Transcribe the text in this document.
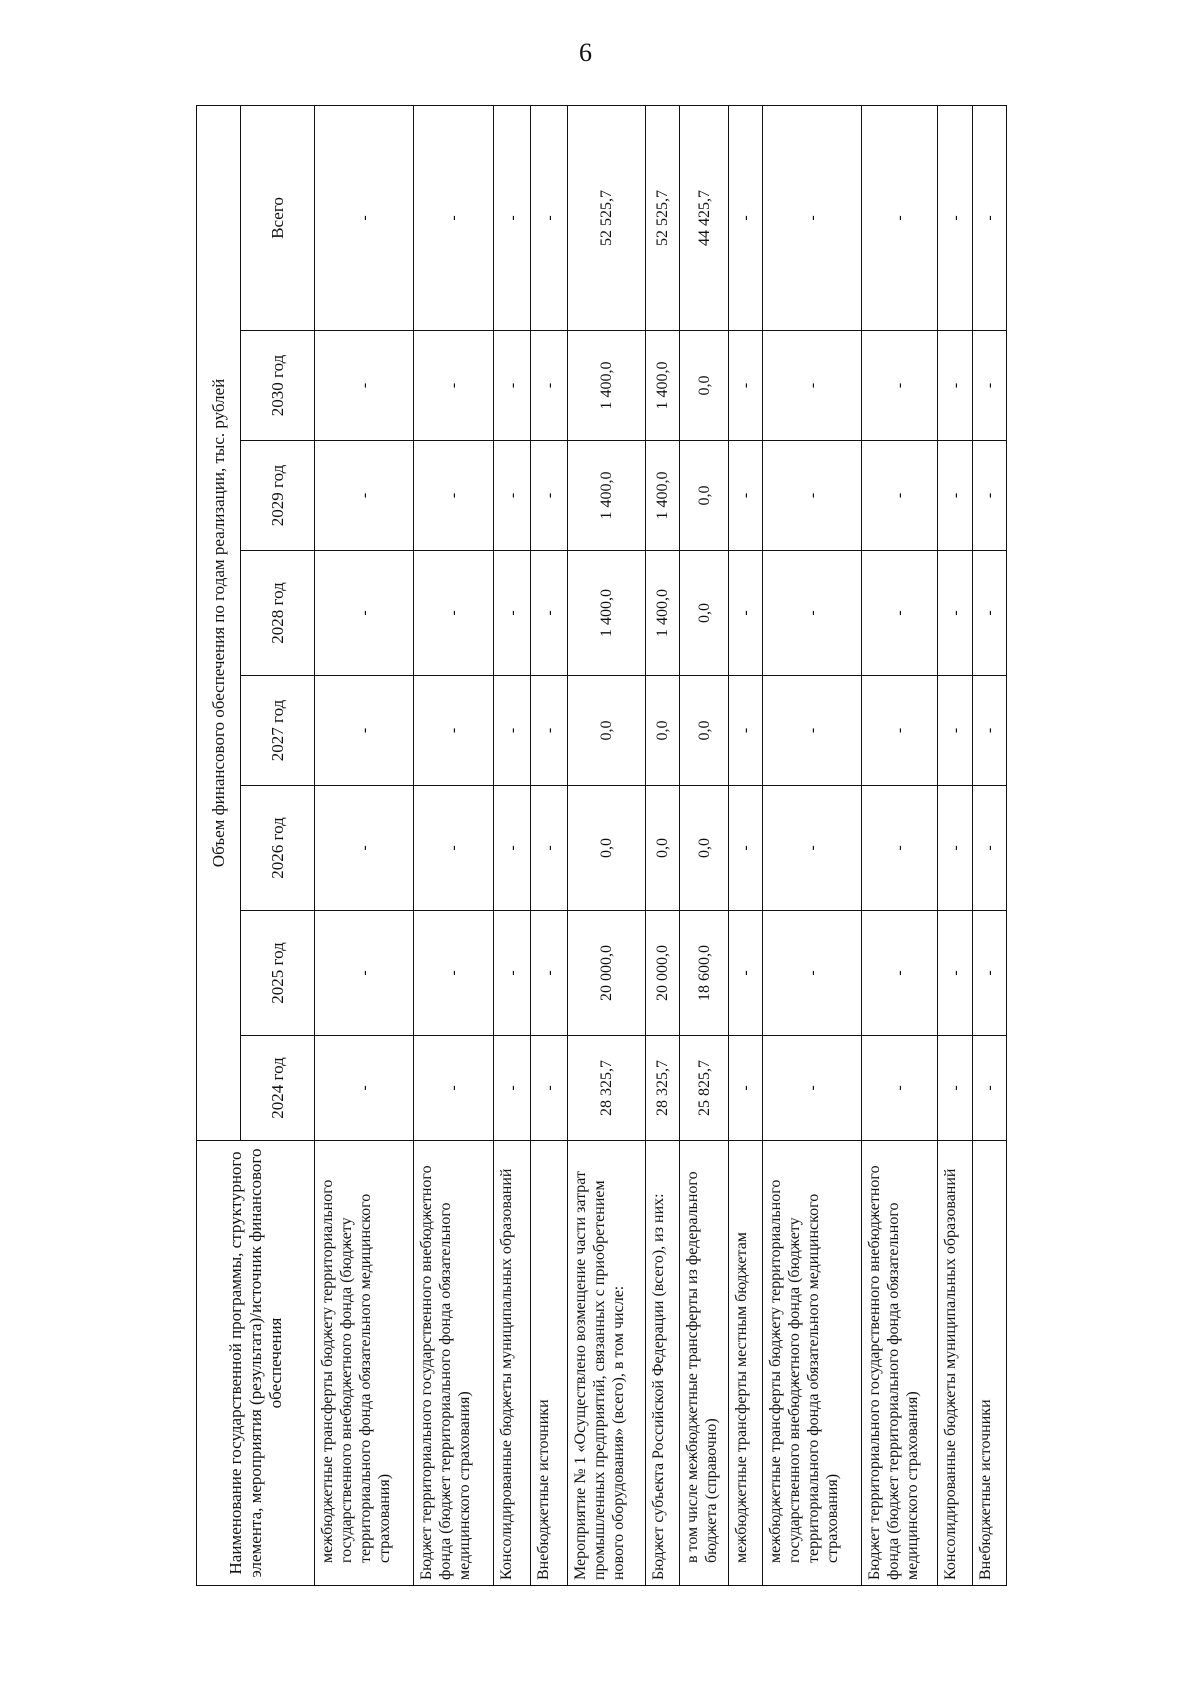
6
Наименование государственной программы, структурного элемента, мероприятия (результата)/источник финансового обеспечения	Объем финансового обеспечения по годам реализации, тыс. рублей							
	2024 год	2025 год	2026 год	2027 год	2028 год	2029 год	2030 год	Всего
межбюджетные трансферты бюджету территориального государственного внебюджетного фонда (бюджету территориального фонда обязательного медицинского страхования)	-	-	-	-	-	-	-	-
Бюджет территориального государственного внебюджетного фонда (бюджет территориального фонда обязательного медицинского страхования)	-	-	-	-	-	-	-	-
Консолидированные бюджеты муниципальных образований	-	-	-	-	-	-	-	-
Внебюджетные источники	-	-	-	-	-	-	-	-
Мероприятие № 1 «Осуществлено возмещение части затрат промышленных предприятий, связанных с приобретением нового оборудования» (всего), в том числе:	28 325,7	20 000,0	0,0	0,0	1 400,0	1 400,0	1 400,0	52 525,7
Бюджет субъекта Российской Федерации (всего), из них:	28 325,7	20 000,0	0,0	0,0	1 400,0	1 400,0	1 400,0	52 525,7
в том числе межбюджетные трансферты из федерального бюджета (справочно)	25 825,7	18 600,0	0,0	0,0	0,0	0,0	0,0	44 425,7
межбюджетные трансферты местным бюджетам	-	-	-	-	-	-	-	-
межбюджетные трансферты бюджету территориального государственного внебюджетного фонда (бюджету территориального фонда обязательного медицинского страхования)	-	-	-	-	-	-	-	-
Бюджет территориального государственного внебюджетного фонда (бюджет территориального фонда обязательного медицинского страхования)	-	-	-	-	-	-	-	-
Консолидированные бюджеты муниципальных образований	-	-	-	-	-	-	-	-
Внебюджетные источники	-	-	-	-	-	-	-	-
